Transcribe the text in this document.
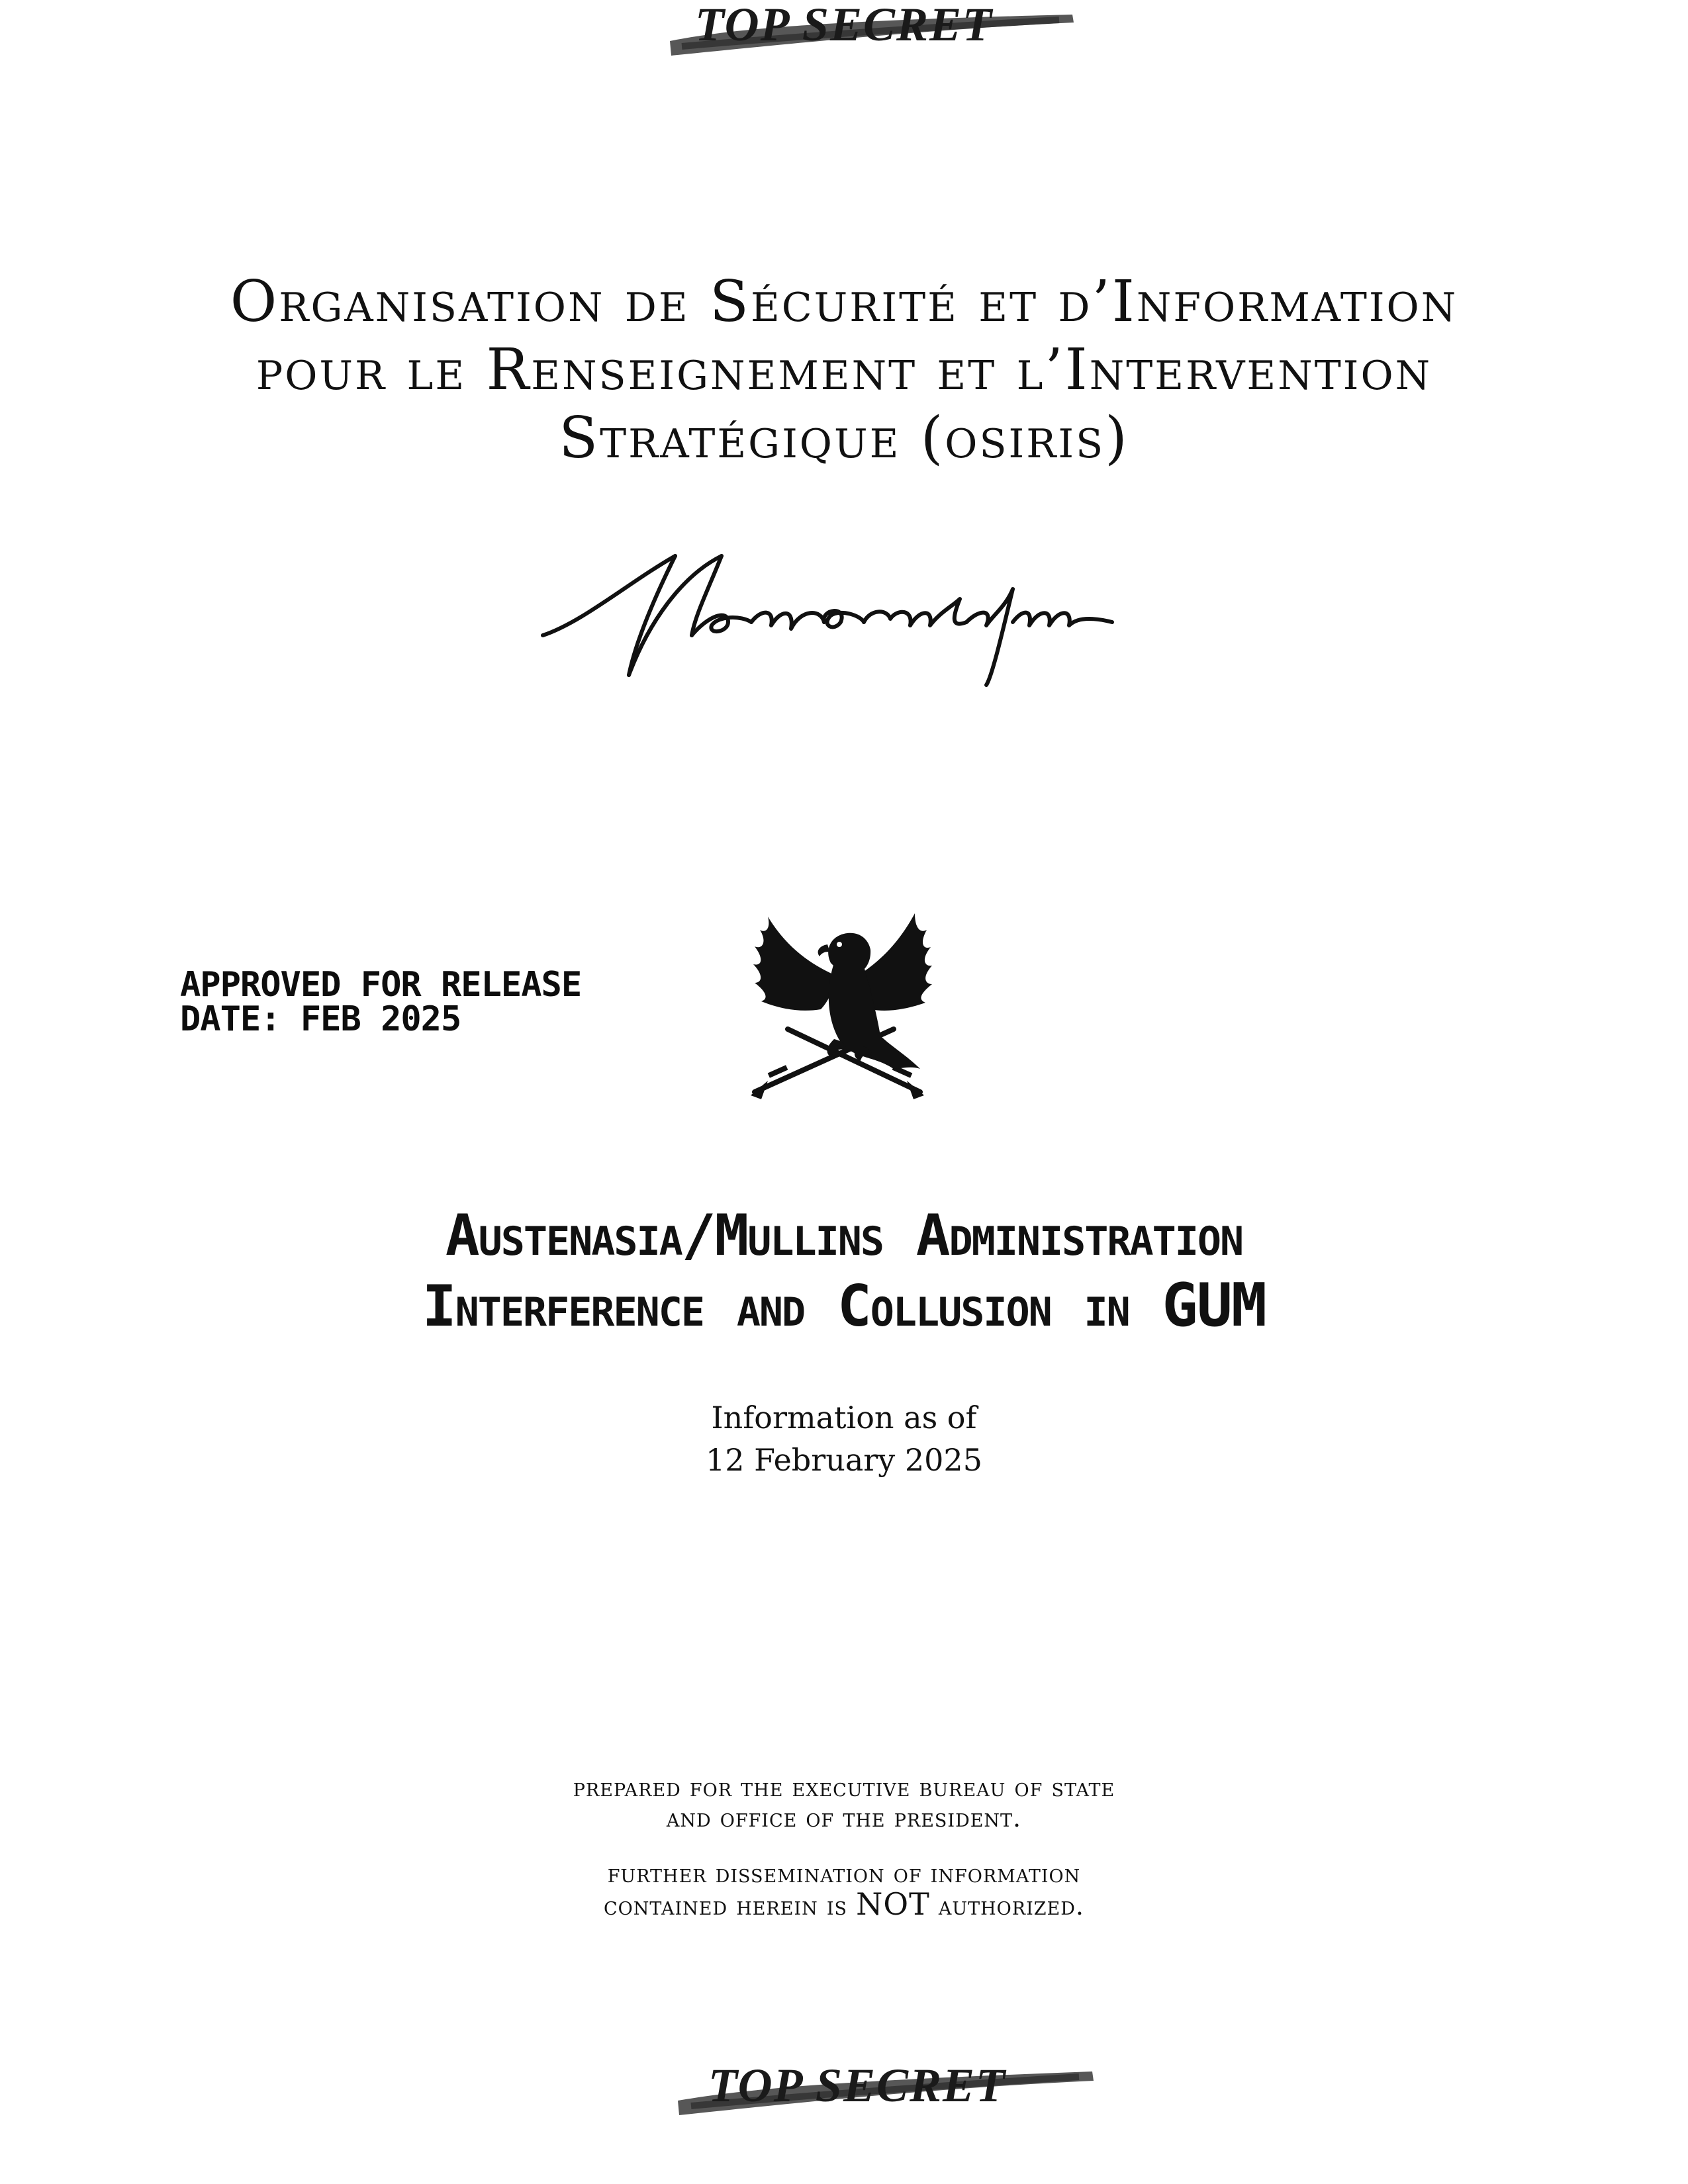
TOP SECRET
Organisation de Sécurité et d’Information
pour le Renseignement et l’Intervention
Stratégique (osiris)
APPROVED FOR RELEASE
DATE: FEB 2025
Austenasia/Mullins Administration
Interference and Collusion in GUM
Information as of
12 February 2025
prepared for the executive bureau of state
and office of the president.
further dissemination of information
contained herein is NOT authorized.
TOP SECRET
